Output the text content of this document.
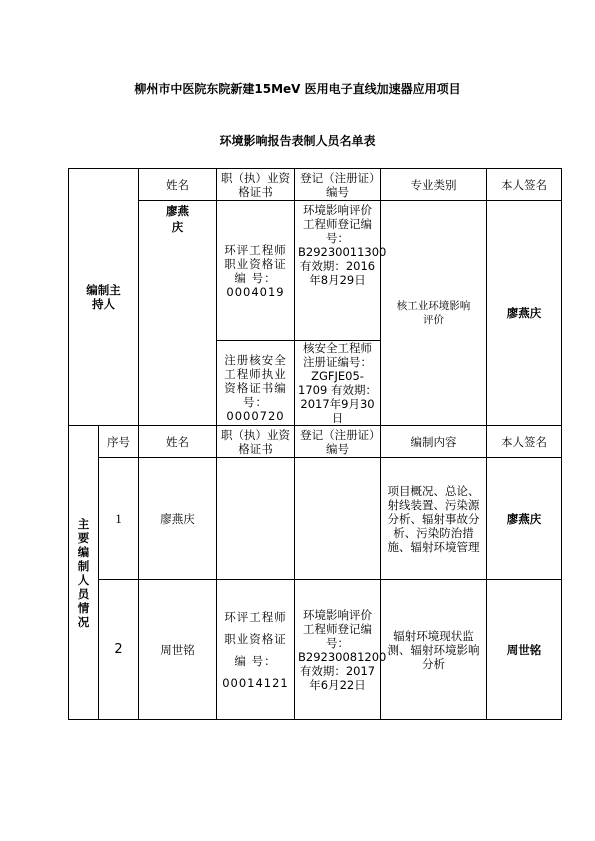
柳州市中医院东院新建15MeV 医用电子直线加速器应用项目
环境影响报告表制人员名单表
编制主持人		姓名	职（执）业资格证书	登记（注册证）编号	专业类别	本人签名
		廖燕庆	环评工程师职业资格证编 号：0004019	环境影响评价工程师登记编号：B29230011300 有效期：2016年8月29日	核工业环境影响评价	廖燕庆

			注册核安全工程师执业资格证书编号：0000720	核安全工程师注册证编号：ZGFJE05-1709 有效期：2017年9月30日		

主要编制人员情况	序号	姓名	职（执）业资格证书	登记（注册证）编号	编制内容	本人签名
	1	廖燕庆			项目概况、总论、射线装置、污染源分析、辐射事故分析、污染防治措施、辐射环境管理	廖燕庆
	2	周世铭	环评工程师职业资格证编 号：00014121	环境影响评价工程师登记编号：B29230081200 有效期：2017年6月22日	辐射环境现状监测、辐射环境影响分析	周世铭
